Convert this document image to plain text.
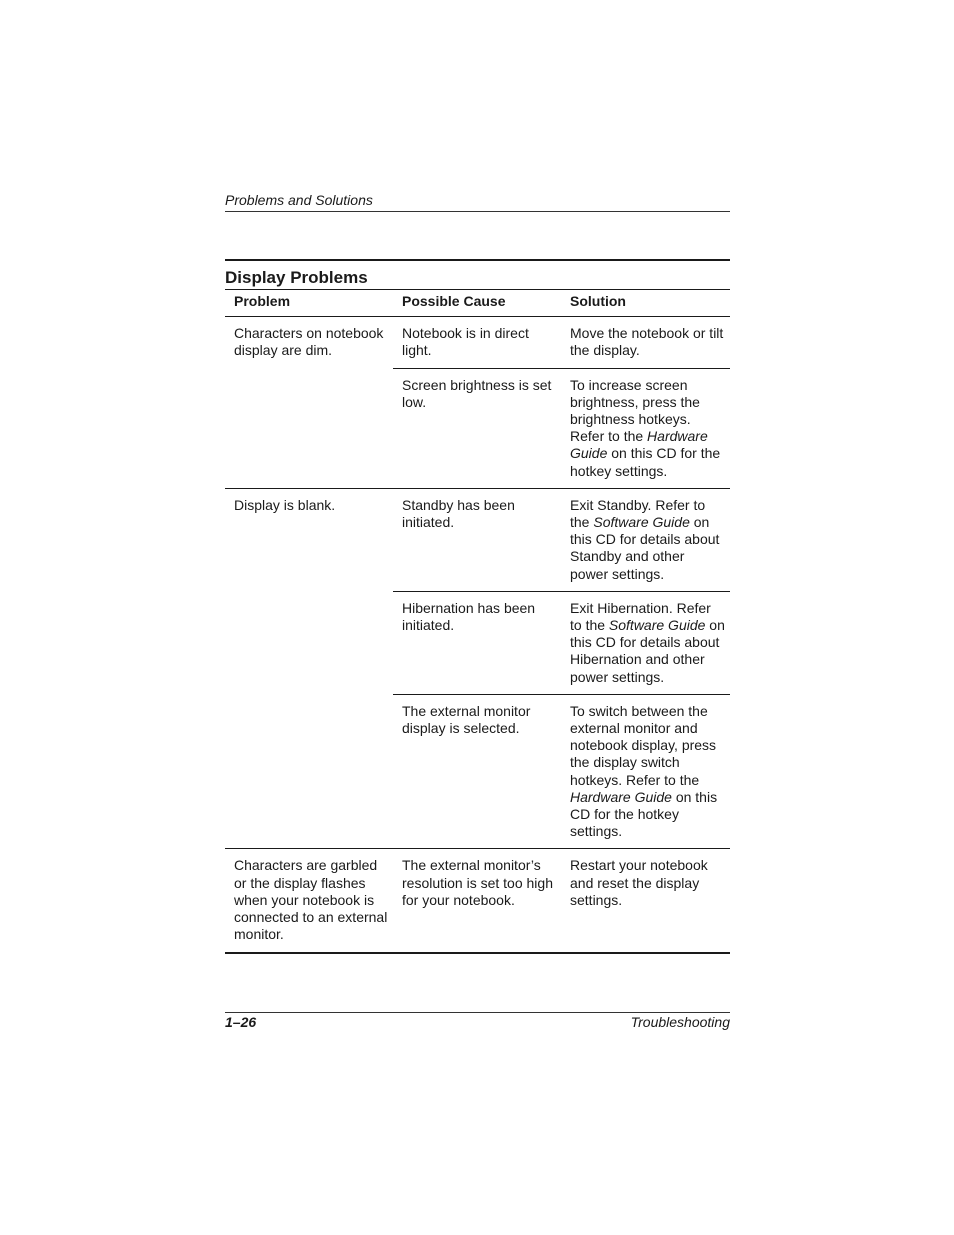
Problems and Solutions
Display Problems
Problem	Possible Cause	Solution
Characters on notebook display are dim.	Notebook is in direct light.	Move the notebook or tilt the display.
	Screen brightness is set low.	To increase screen brightness, press the brightness hotkeys. Refer to the Hardware Guide on this CD for the hotkey settings.
Display is blank.	Standby has been initiated.	Exit Standby. Refer to the Software Guide on this CD for details about Standby and other power settings.
	Hibernation has been initiated.	Exit Hibernation. Refer to the Software Guide on this CD for details about Hibernation and other power settings.
	The external monitor display is selected.	To switch between the external monitor and notebook display, press the display switch hotkeys. Refer to the Hardware Guide on this CD for the hotkey settings.
Characters are garbled or the display flashes when your notebook is connected to an external monitor.	The external monitor’s resolution is set too high for your notebook.	Restart your notebook and reset the display settings.
1–26	Troubleshooting
